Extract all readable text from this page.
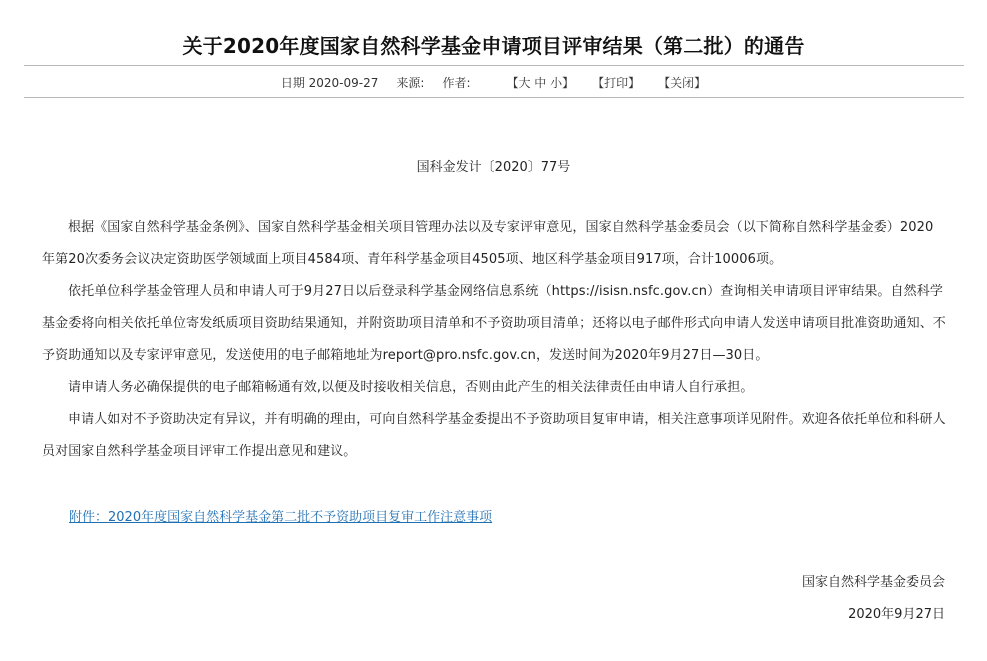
关于2020年度国家自然科学基金申请项目评审结果（第二批）的通告
日期 2020-09-27 来源: 作者:	【大 中 小】 【打印】 【关闭】
国科金发计〔2020〕77号

根据《国家自然科学基金条例》、国家自然科学基金相关项目管理办法以及专家评审意见，国家自然科学基金委员会（以下简称自然科学基金委）2020年第20次委务会议决定资助医学领域面上项目4584项、青年科学基金项目4505项、地区科学基金项目917项，合计10006项。

依托单位科学基金管理人员和申请人可于9月27日以后登录科学基金网络信息系统（https://isisn.nsfc.gov.cn）查询相关申请项目评审结果。自然科学基金委将向相关依托单位寄发纸质项目资助结果通知，并附资助项目清单和不予资助项目清单；还将以电子邮件形式向申请人发送申请项目批准资助通知、不予资助通知以及专家评审意见，发送使用的电子邮箱地址为report@pro.nsfc.gov.cn，发送时间为2020年9月27日—30日。

请申请人务必确保提供的电子邮箱畅通有效,以便及时接收相关信息，否则由此产生的相关法律责任由申请人自行承担。

申请人如对不予资助决定有异议，并有明确的理由，可向自然科学基金委提出不予资助项目复审申请，相关注意事项详见附件。欢迎各依托单位和科研人员对国家自然科学基金项目评审工作提出意见和建议。

附件：2020年度国家自然科学基金第二批不予资助项目复审工作注意事项
国家自然科学基金委员会
2020年9月27日
